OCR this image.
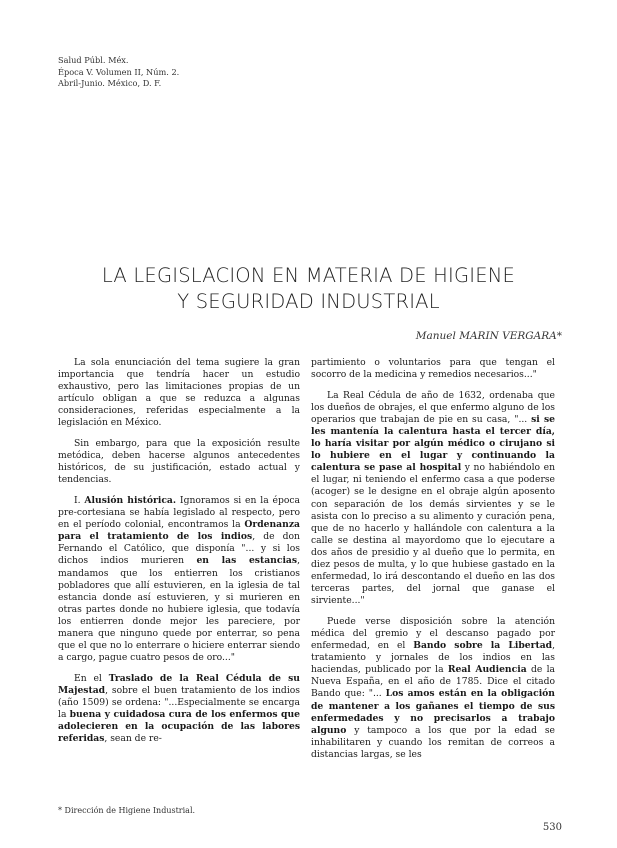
Salud Públ. Méx.
Época V. Volumen II, Núm. 2.
Abril-Junio. México, D. F.
LA LEGISLACION EN MATERIA DE HIGIENE
Y SEGURIDAD INDUSTRIAL
Manuel MARIN VERGARA*

La sola enunciación del tema sugiere la gran importancia que tendría hacer un estudio exhaustivo, pero las limitaciones propias de un artículo obligan a que se reduzca a algunas consideraciones, referidas especialmente a la legislación en México.

Sin embargo, para que la exposición resulte metódica, deben hacerse algunos antecedentes históricos, de su justificación, estado actual y tendencias.

I. Alusión histórica. Ignoramos si en la época pre-cortesiana se había legislado al respecto, pero en el período colonial, encontramos la Ordenanza para el tratamiento de los indios, de don Fernando el Católico, que disponía "... y si los dichos indios murieren en las estancias, mandamos que los entierren los cristianos pobladores que allí estuvieren, en la iglesia de tal estancia donde así estuvieren, y si murieren en otras partes donde no hubiere iglesia, que todavía los entierren donde mejor les pareciere, por manera que ninguno quede por enterrar, so pena que el que no lo enterrare o hiciere enterrar siendo a cargo, pague cuatro pesos de oro..."

En el Traslado de la Real Cédula de su Majestad, sobre el buen tratamiento de los indios (año 1509) se ordena: "...Especialmente se encarga la buena y cuidadosa cura de los enfermos que adolecieren en la ocupación de las labores referidas, sean de re-

partimiento o voluntarios para que tengan el socorro de la medicina y remedios necesarios..."

La Real Cédula de año de 1632, ordenaba que los dueños de obrajes, el que enfermo alguno de los operarios que trabajan de pie en su casa, "... si se les mantenía la calentura hasta el tercer día, lo haría visitar por algún médico o cirujano si lo hubiere en el lugar y continuando la calentura se pase al hospital y no habiéndolo en el lugar, ni teniendo el enfermo casa a que poderse (acoger) se le designe en el obraje algún aposento con separación de los demás sirvientes y se le asista con lo preciso a su alimento y curación pena, que de no hacerlo y hallándole con calentura a la calle se destina al mayordomo que lo ejecutare a dos años de presidio y al dueño que lo permita, en diez pesos de multa, y lo que hubiese gastado en la enfermedad, lo irá descontando el dueño en las dos terceras partes, del jornal que ganase el sirviente..."

Puede verse disposición sobre la atención médica del gremio y el descanso pagado por enfermedad, en el Bando sobre la Libertad, tratamiento y jornales de los indios en las haciendas, publicado por la Real Audiencia de la Nueva España, en el año de 1785. Dice el citado Bando que: "... Los amos están en la obligación de mantener a los gañanes el tiempo de sus enfermedades y no precisarlos a trabajo alguno y tampoco a los que por la edad se inhabilitaren y cuando los remitan de correos a distancias largas, se les

* Dirección de Higiene Industrial.
530
